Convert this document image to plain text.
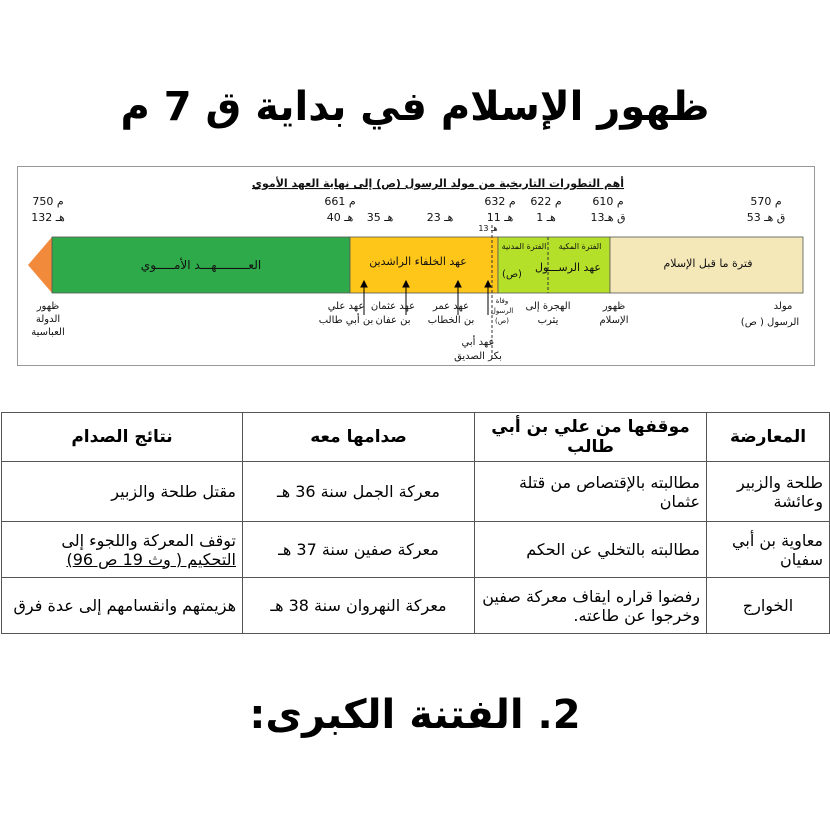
ظهور الإسلام في بداية ق 7 م
أهم التطورات التاريخية من مولد الرسول (ص) إلى نهاية العهد الأموي
750 م
132 هـ
661 م
40 هـ 35 هـ	23 هـ
13 هـ
632 م
11 هـ
622 م
1 هـ
610 م
13ق هـ
570 م
53 ق هـ
العـــــــــهـــد الأمـــــوي	عهد الخلفاء الراشدين
الفترة المدنية الفترة المكية
عهد الرســـول
(ص)
فترة ما قبل الإسلام
ظهور
الدولة
العباسية
عهد علي
بن أبي طالب
عهد عثمان
بن عفان
عهد عمر
بن الخطاب
وفاة
الرسول
(ص)
عهد أبي
بكر الصديق
الهجرة إلى
يثرب
ظهور
الإسلام
مولد
الرسول ( ص)
المعارضة	موقفها من علي بن أبي طالب	صدامها معه	نتائج الصدام
طلحة والزبير وعائشة	مطالبته بالإقتصاص من قتلة عثمان	معركة الجمل سنة 36 هـ	مقتل طلحة والزبير
معاوية بن أبي سفيان	مطالبته بالتخلي عن الحكم	معركة صفين سنة 37 هـ	توقف المعركة واللجوء إلى
التحكيم ( وث 19 ص 96)

الخوارج	رفضوا قراره ايقاف معركة صفين وخرجوا عن طاعته.	معركة النهروان سنة 38 هـ	هزيمتهم وانقسامهم إلى عدة فرق
2. الفتنة الكبرى:
